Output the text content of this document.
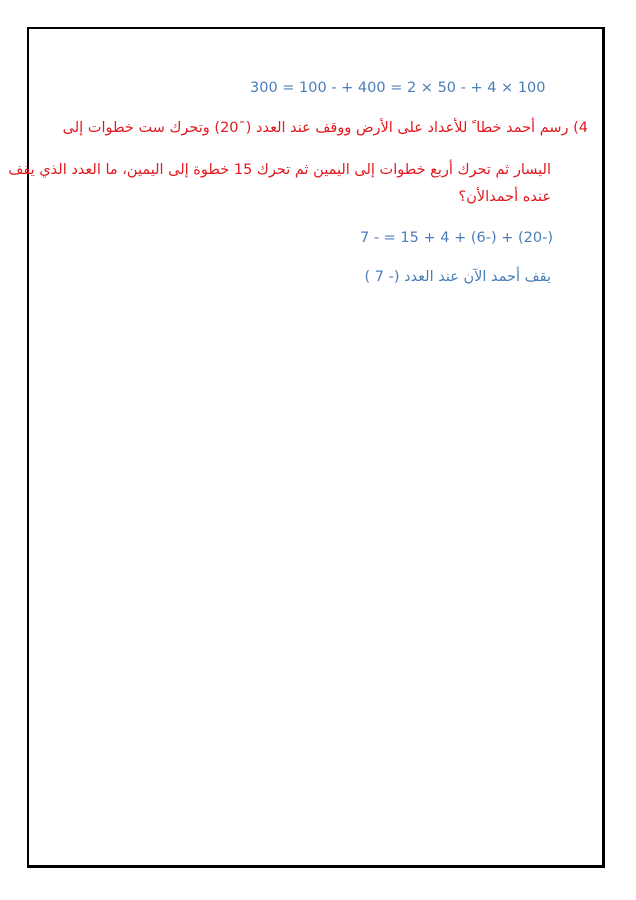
300 = 100 - + 400 = 2 × 50 - + 4 × 100
4) رسم أحمد خطا ً للأعداد على الأرض ووقف عند العدد (¯20) وتحرك ست خطوات إلى
اليسار ثم تحرك أربع خطوات إلى اليمين ثم تحرك 15 خطوة إلى اليمين، ما العدد الذي يقف
عنده أحمدالأن؟
7 - = 15 + 4 + (6-) + (20-)
يقف أحمد الآن عند العدد (- 7 )
